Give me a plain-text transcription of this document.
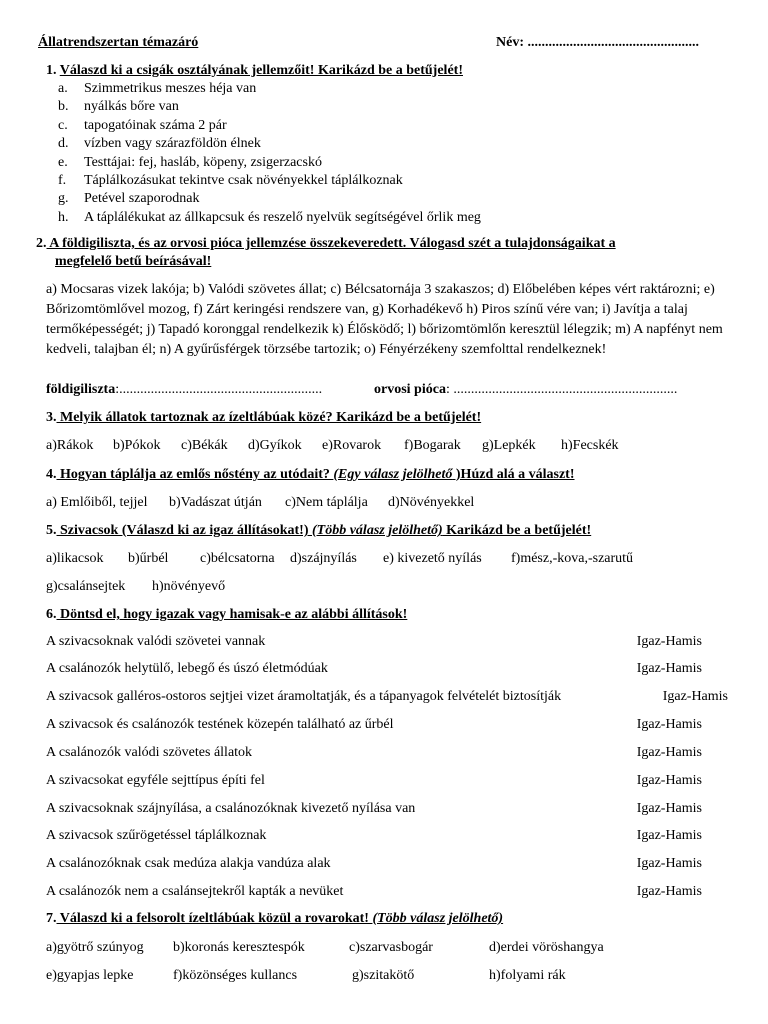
Állatrendszertan témazáró	Név: .................................................
1. Válaszd ki a csigák osztályának jellemzőit! Karikázd be a betűjelét!
a. Szimmetrikus meszes héja van
b. nyálkás bőre van
c. tapogatóinak száma 2 pár
d. vízben vagy szárazföldön élnek
e. Testtájai: fej, hasláb, köpeny, zsigerzacskó
f. Táplálkozásukat tekintve csak növényekkel táplálkoznak
g. Petével szaporodnak
h. A táplálékukat az állkapcsuk és reszelő nyelvük segítségével őrlik meg
2. A földigiliszta, és az orvosi pióca jellemzése összekeveredett. Válogasd szét a tulajdonságaikat a
megfelelő betű beírásával!
a) Mocsaras vizek lakója; b) Valódi szövetes állat; c) Bélcsatornája 3 szakaszos; d) Előbelében képes vért raktározni; e) Bőrizomtömlővel mozog, f) Zárt keringési rendszere van, g) Korhadékevő h) Piros színű vére van; i) Javítja a talaj termőképességét; j) Tapadó koronggal rendelkezik k) Élősködő; l) bőrizomtömlőn keresztül lélegzik; m) A napfényt nem kedveli, talajban él; n) A gyűrűsférgek törzsébe tartozik; o) Fényérzékeny szemfolttal rendelkeznek!
földigiliszta:..........................................................	orvosi pióca: ................................................................
3. Melyik állatok tartoznak az ízeltlábúak közé? Karikázd be a betűjelét!
a)Rákok b)Pókok c)Békák d)Gyíkok e)Rovarok f)Bogarak g)Lepkék h)Fecskék
4. Hogyan táplálja az emlős nőstény az utódait? (Egy válasz jelölhető )Húzd alá a választ!
a) Emlőiből, tejjel b)Vadászat útján c)Nem táplálja d)Növényekkel
5. Szivacsok (Válaszd ki az igaz állításokat!) (Több válasz jelölhető) Karikázd be a betűjelét!
a)likacsok b)űrbél c)bélcsatorna d)szájnyílás e) kivezető nyílás f)mész,-kova,-szarutű
g)csalánsejtek h)növényevő
6. Döntsd el, hogy igazak vagy hamisak-e az alábbi állítások!
A szivacsoknak valódi szövetei vannak	Igaz-Hamis
A csalánozók helytülő, lebegő és úszó életmódúak	Igaz-Hamis
A szivacsok galléros-ostoros sejtjei vizet áramoltatják, és a tápanyagok felvételét biztosítják	Igaz-Hamis
A szivacsok és csalánozók testének közepén található az űrbél	Igaz-Hamis
A csalánozók valódi szövetes állatok	Igaz-Hamis
A szivacsokat egyféle sejttípus építi fel	Igaz-Hamis
A szivacsoknak szájnyílása, a csalánozóknak kivezető nyílása van	Igaz-Hamis
A szivacsok szűrögetéssel táplálkoznak	Igaz-Hamis
A csalánozóknak csak medúza alakja vandúza alak	Igaz-Hamis
A csalánozók nem a csalánsejtekről kapták a nevüket	Igaz-Hamis
7. Válaszd ki a felsorolt ízeltlábúak közül a rovarokat! (Több válasz jelölhető)
a)gyötrő szúnyog b)koronás keresztespók	c)szarvasbogár	d)erdei vöröshangya
e)gyapjas lepke	f)közönséges kullancs	g)szitakötő	h)folyami rák
